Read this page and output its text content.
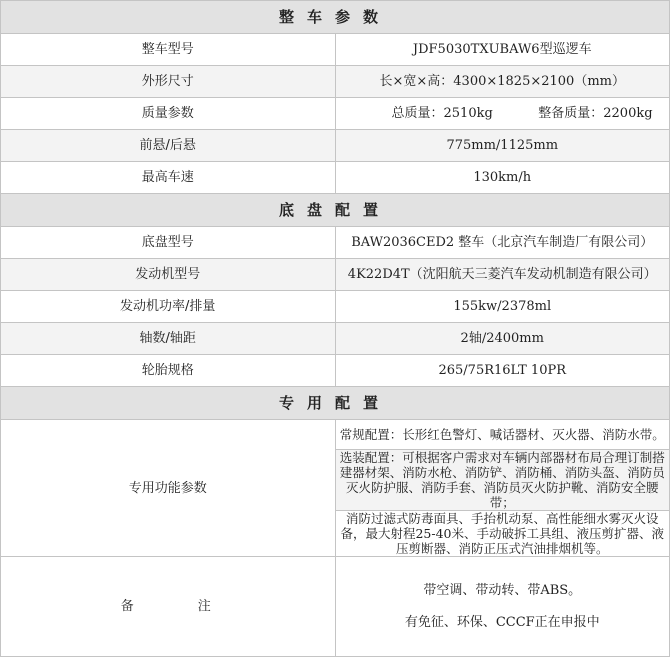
整车参数	
整车型号	JDF5030TXUBAW6型巡逻车
外形尺寸	长×宽×高：4300×1825×2100（mm）
质量参数	总质量：2510kg 整备质量：2200kg

前悬/后悬	775mm/1125mm
最高车速	130km/h
底盘配置	
底盘型号	BAW2036CED2 整车（北京汽车制造厂有限公司）
发动机型号	4K22D4T（沈阳航天三菱汽车发动机制造有限公司）
发动机功率/排量	155kw/2378ml
轴数/轴距	2轴/2400mm
轮胎规格	265/75R16LT 10PR
专用配置	
专用功能参数	常规配置：长形红色警灯、喊话器材、灭火器、消防水带。
	选装配置：可根据客户需求对车辆内部器材布局合理订制搭建器材架、消防水枪、消防铲、消防桶、消防头盔、消防员灭火防护服、消防手套、消防员灭火防护靴、消防安全腰带；
	消防过滤式防毒面具、手抬机动泵、高性能细水雾灭火设备，最大射程25-40米、手动破拆工具组、液压剪扩器、液压剪断器、消防正压式汽油排烟机等。
备注	带空调、带动转、带ABS。

有免征、环保、CCCF正在申报中
